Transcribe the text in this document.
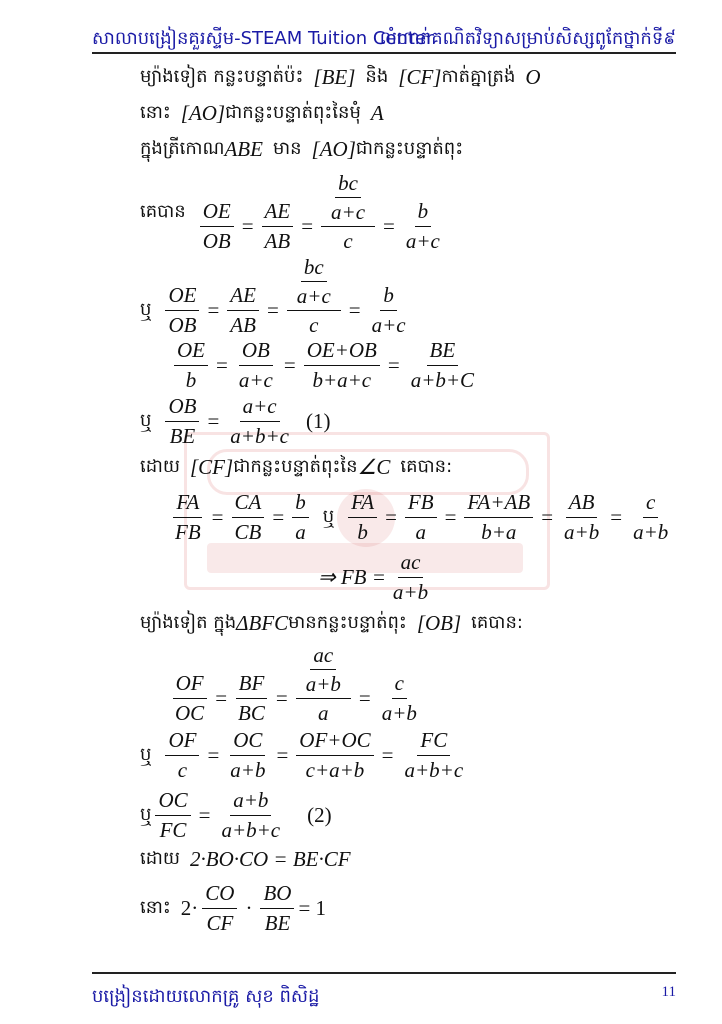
សាលាបង្រៀនគួរស្ទីម-STEAM Tuition Center
លំហាត់គណិតវិទ្យាសម្រាប់សិស្សពូកែថ្នាក់ទី៩
ម្យ៉ាងទៀត កន្លះបន្ទាត់ប៉ះ [BE] និង [CF] កាត់គ្នាត្រង់ O
នោះ [AO] ជាកន្លះបន្ទាត់ពុះនៃមុំ A
ក្នុងត្រីកោណ ABE មាន [AO] ជាកន្លះបន្ទាត់ពុះ
គេបាន $\frac{OE}{OB} = \frac{AE}{AB} = \frac{\frac{bc}{a+c}}{c} = \frac{b}{a+c}$
ឬ $\frac{OE}{OB} = \frac{AE}{AB} = \frac{\frac{bc}{a+c}}{c} = \frac{b}{a+c}$
$\frac{OE}{b} = \frac{OB}{a+c} = \frac{OE+OB}{b+a+c} = \frac{BE}{a+b+C}$
ឬ $\frac{OB}{BE} = \frac{a+c}{a+b+c} (1)$
ដោយ [CF] ជាកន្លះបន្ទាត់ពុះនៃ ∠C គេបាន:
$\frac{FA}{FB} = \frac{CA}{CB} = \frac{b}{a}$ ឬ $\frac{FA}{b} = \frac{FB}{a} = \frac{FA+AB}{b+a} = \frac{AB}{a+b} = \frac{c}{a+b}$
⇒ FB = $\frac{ac}{a+b}$
ម្យ៉ាងទៀត ក្នុង ΔBFC មានកន្លះបន្ទាត់ពុះ [OB] គេបាន:
$\frac{OF}{OC} = \frac{BF}{BC} = \frac{\frac{ac}{a+b}}{a} = \frac{c}{a+b}$
ឬ $\frac{OF}{c} = \frac{OC}{a+b} = \frac{OF+OC}{c+a+b} = \frac{FC}{a+b+c}$
ឬ $\frac{OC}{FC} = \frac{a+b}{a+b+c} (2)$
ដោយ 2·BO·CO = BE·CF
នោះ $2\cdot \frac{CO}{CF} \cdot \frac{BO}{BE} = 1$
បង្រៀនដោយលោកគ្រូ សុខ ពិសិដ្ឋ	11
